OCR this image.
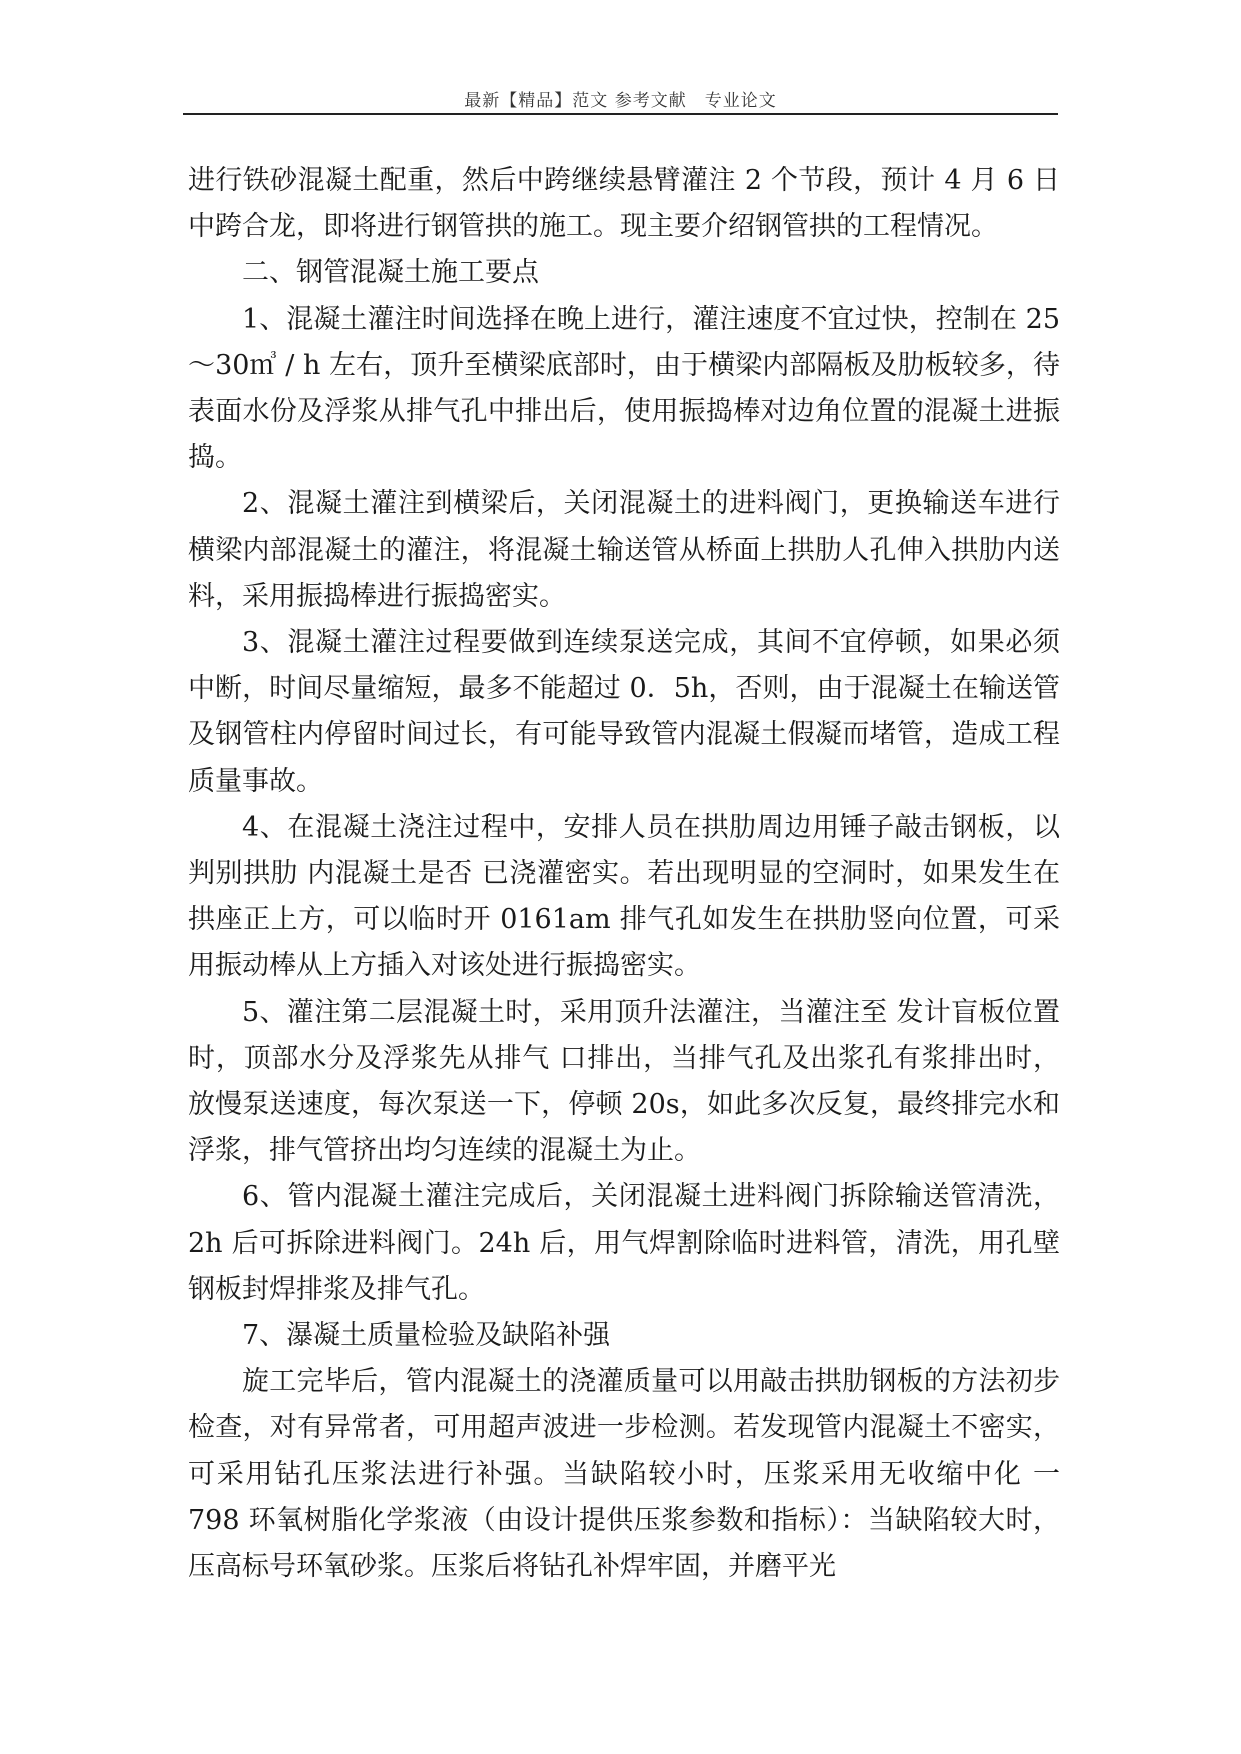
最新【精品】范文 参考文献　专业论文

进行铁砂混凝土配重，然后中跨继续悬臂灌注 2 个节段，预计 4 月 6 日中跨合龙，即将进行钢管拱的施工。现主要介绍钢管拱的工程情况。

二、钢管混凝土施工要点

1、混凝土灌注时间选择在晚上进行，灌注速度不宜过快，控制在 25～30㎥ / h 左右，顶升至横梁底部时，由于横梁内部隔板及肋板较多，待表面水份及浮浆从排气孔中排出后，使用振捣棒对边角位置的混凝土进振捣。

2、混凝土灌注到横梁后，关闭混凝土的进料阀门，更换输送车进行横梁内部混凝土的灌注，将混凝土输送管从桥面上拱肋人孔伸入拱肋内送料，采用振捣棒进行振捣密实。

3、混凝土灌注过程要做到连续泵送完成，其间不宜停顿，如果必须中断，时间尽量缩短，最多不能超过 0．5h，否则，由于混凝土在输送管及钢管柱内停留时间过长，有可能导致管内混凝土假凝而堵管，造成工程质量事故。

4、在混凝土浇注过程中，安排人员在拱肋周边用锤子敲击钢板，以判别拱肋 内混凝土是否 已浇灌密实。若出现明显的空洞时，如果发生在拱座正上方，可以临时开 0161am 排气孔如发生在拱肋竖向位置，可采用振动棒从上方插入对该处进行振捣密实。

5、灌注第二层混凝土时，采用顶升法灌注，当灌注至 发计盲板位置时，顶部水分及浮浆先从排气 口排出，当排气孔及出浆孔有浆排出时，放慢泵送速度，每次泵送一下，停顿 20s，如此多次反复，最终排完水和浮浆，排气管挤出均匀连续的混凝土为止。

6、管内混凝土灌注完成后，关闭混凝土进料阀门拆除输送管清洗，2h 后可拆除进料阀门。24h 后，用气焊割除临时进料管，清洗，用孔壁钢板封焊排浆及排气孔。

7、瀑凝土质量检验及缺陷补强

旋工完毕后，管内混凝土的浇灌质量可以用敲击拱肋钢板的方法初步检查，对有异常者，可用超声波进一步检测。若发现管内混凝土不密实，可采用钻孔压浆法进行补强。当缺陷较小时，压浆采用无收缩中化 一 798 环氧树脂化学浆液（由设计提供压浆参数和指标）：当缺陷较大时，压高标号环氧砂浆。压浆后将钻孔补焊牢固，并磨平光
